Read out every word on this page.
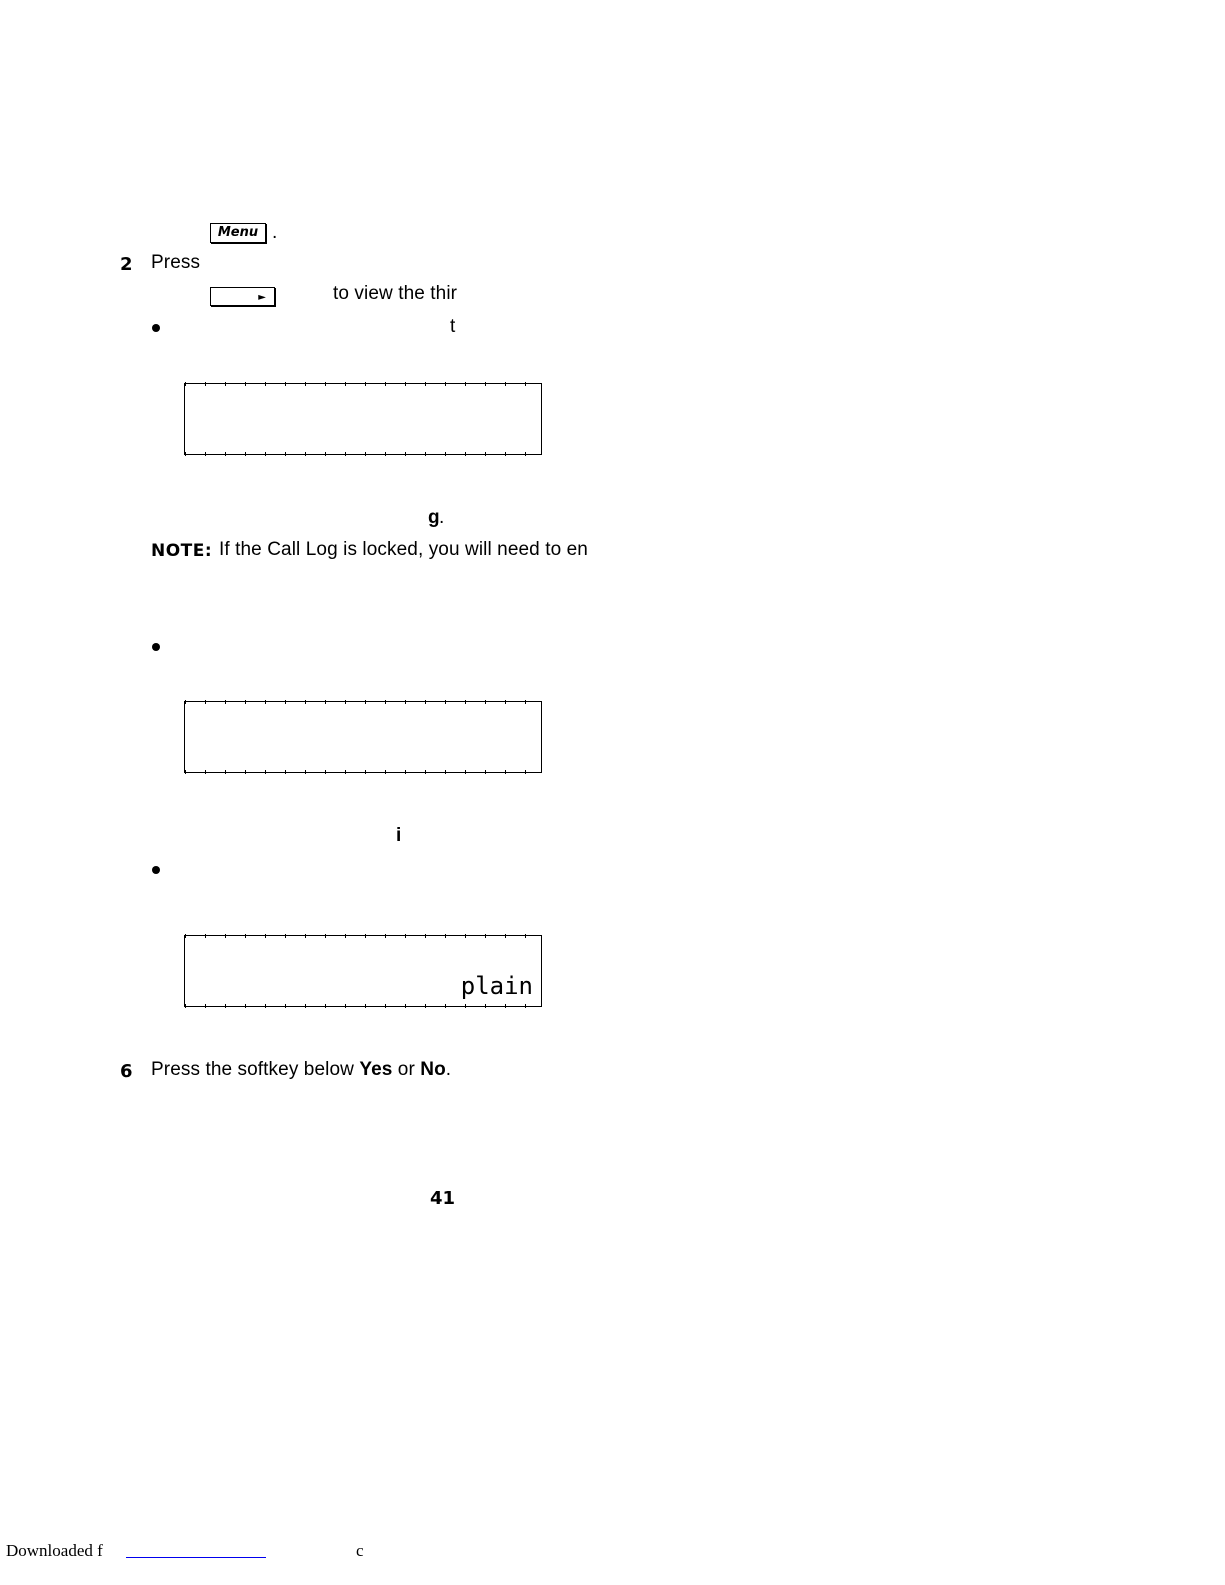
Menu .
2 Press
►	to view the thir
t
g .
NOTE: If the Call Log is locked, you will need to en
i
plain
6 Press the softkey below Yes or No.
41
Downloaded f	c
